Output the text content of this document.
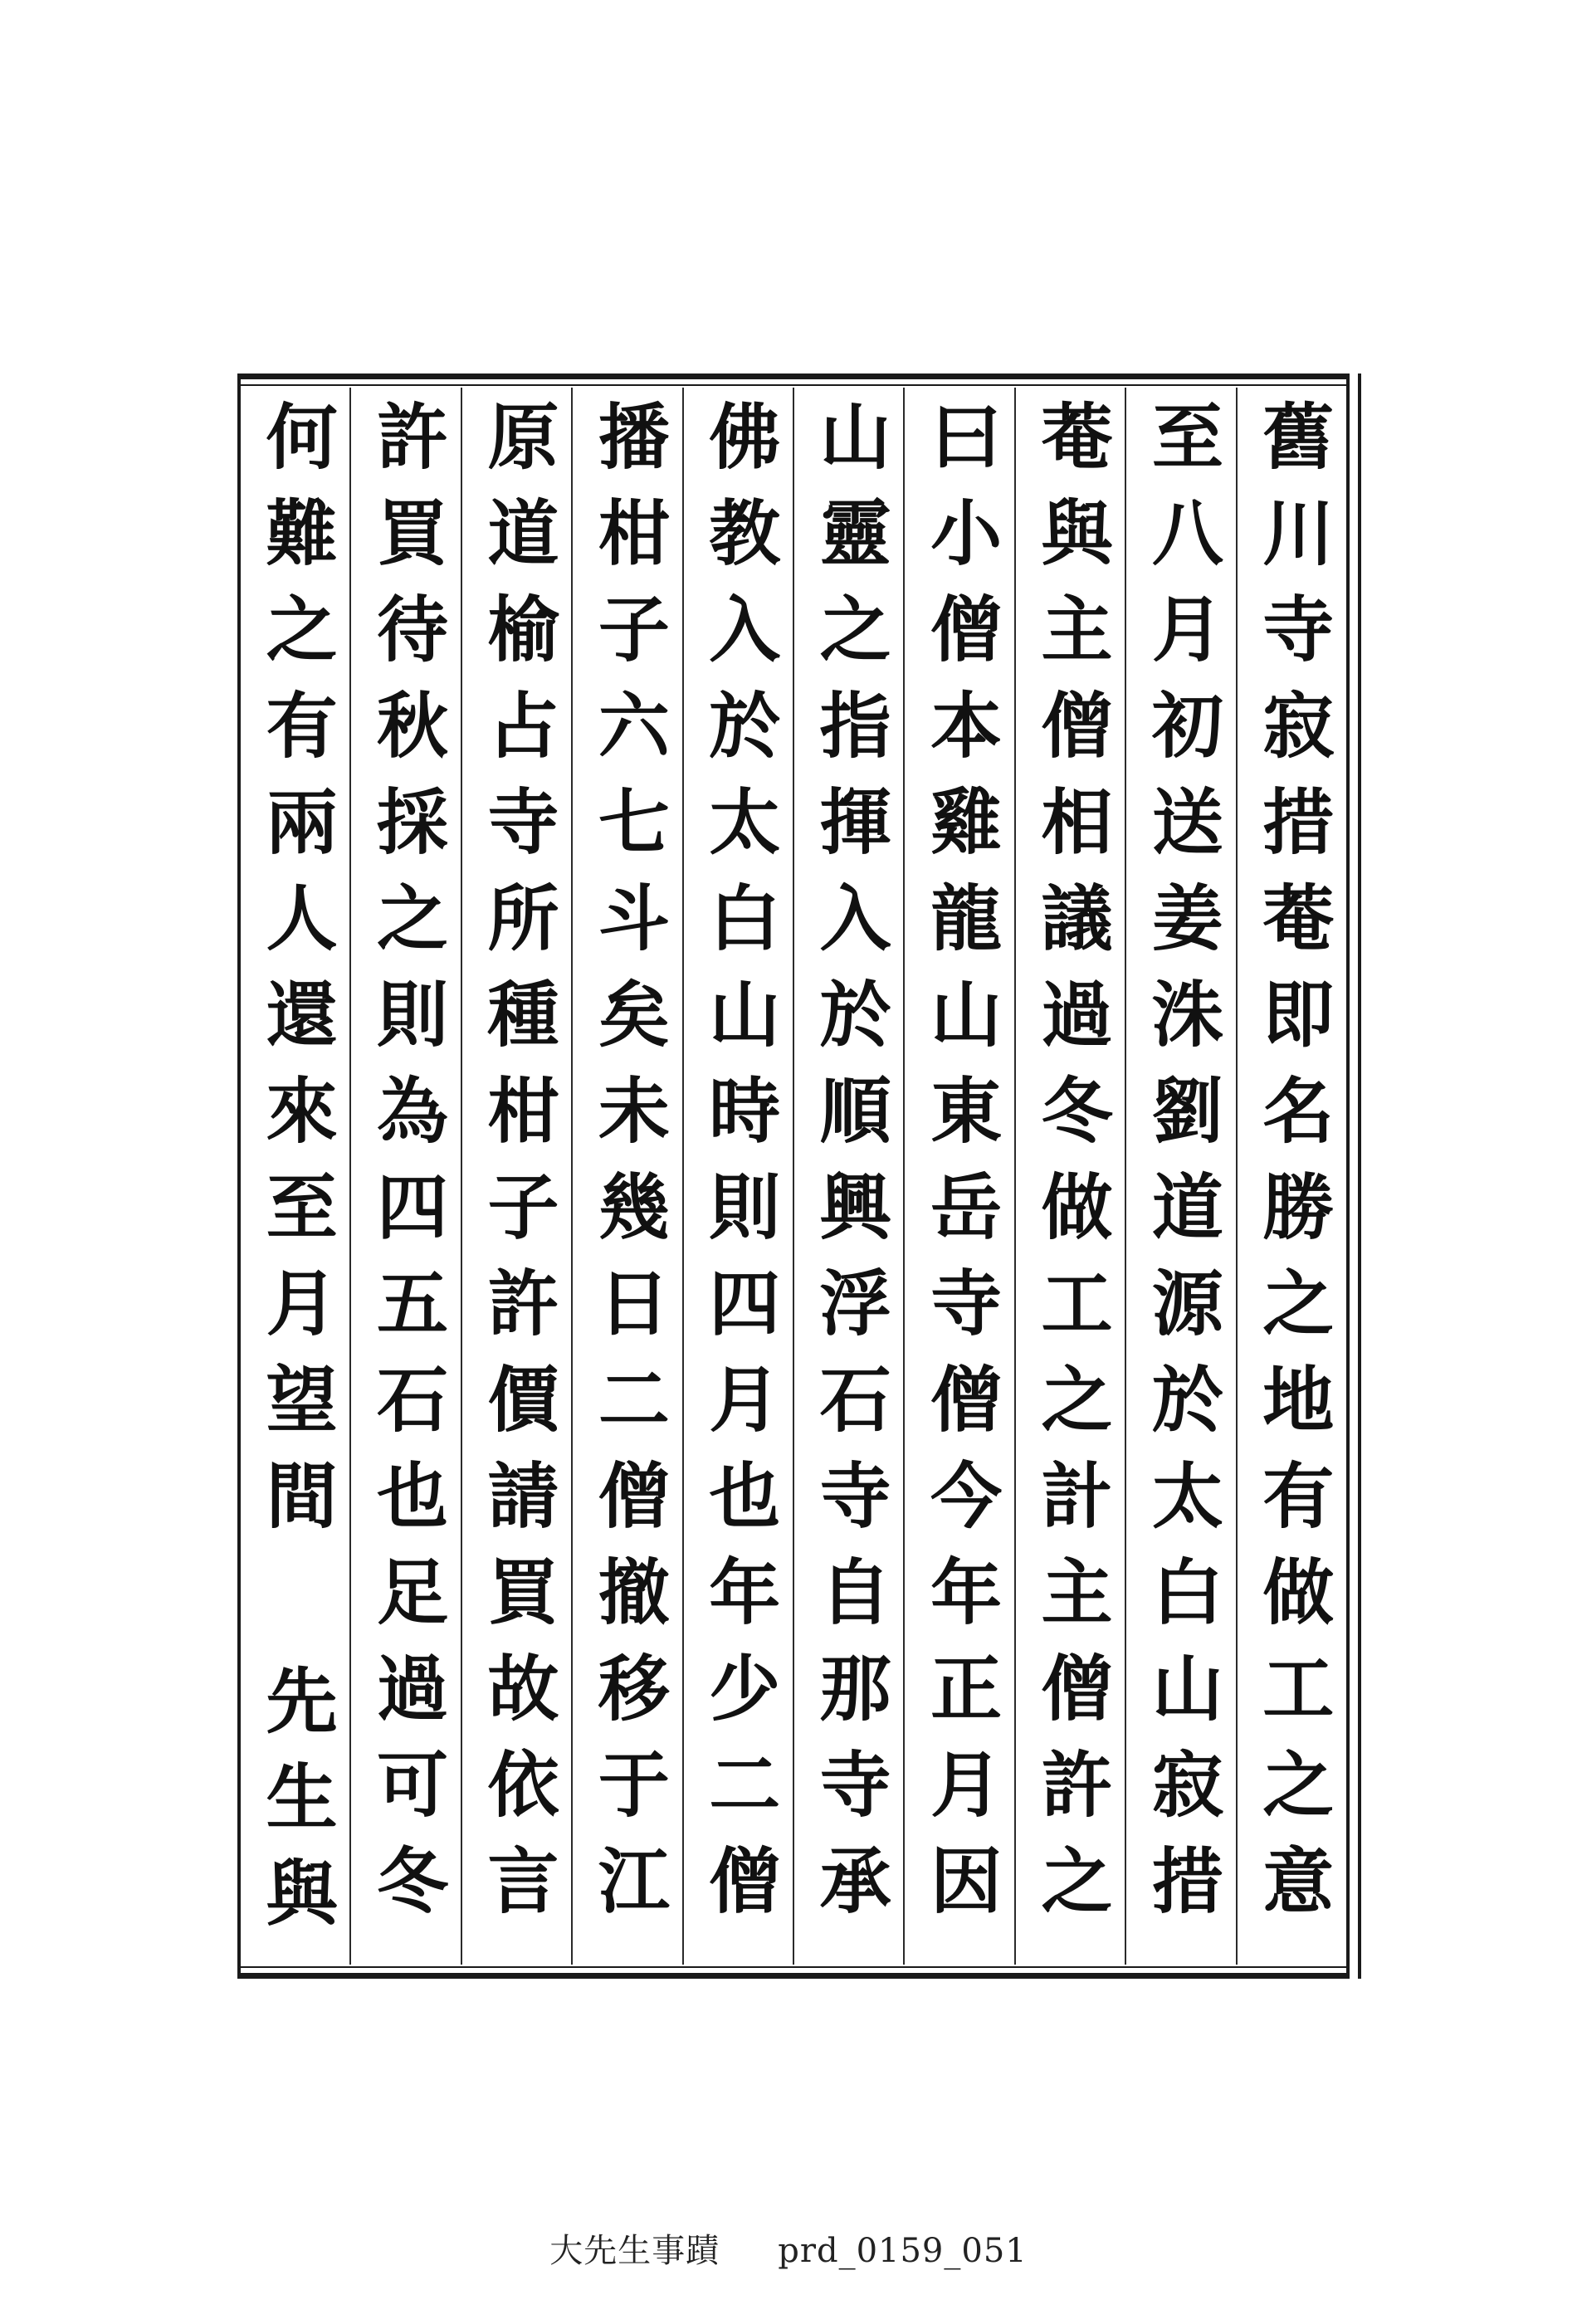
舊川寺寂措菴即名勝之地有做工之意
至八月初送姜洙劉道源於太白山寂措
菴與主僧相議過冬做工之計主僧許之
曰小僧本雞龍山東岳寺僧今年正月因
山靈之指揮入於順興浮石寺自那寺承
佛教入於太白山時則四月也年少二僧
播柑子六七斗矣未幾日二僧撤移于江
原道榆占寺所種柑子許價請買故依言
許買待秋採之則為四五石也足過可冬
何難之有兩人還來至月望間 先生與
大先生事蹟 prd_0159_051
